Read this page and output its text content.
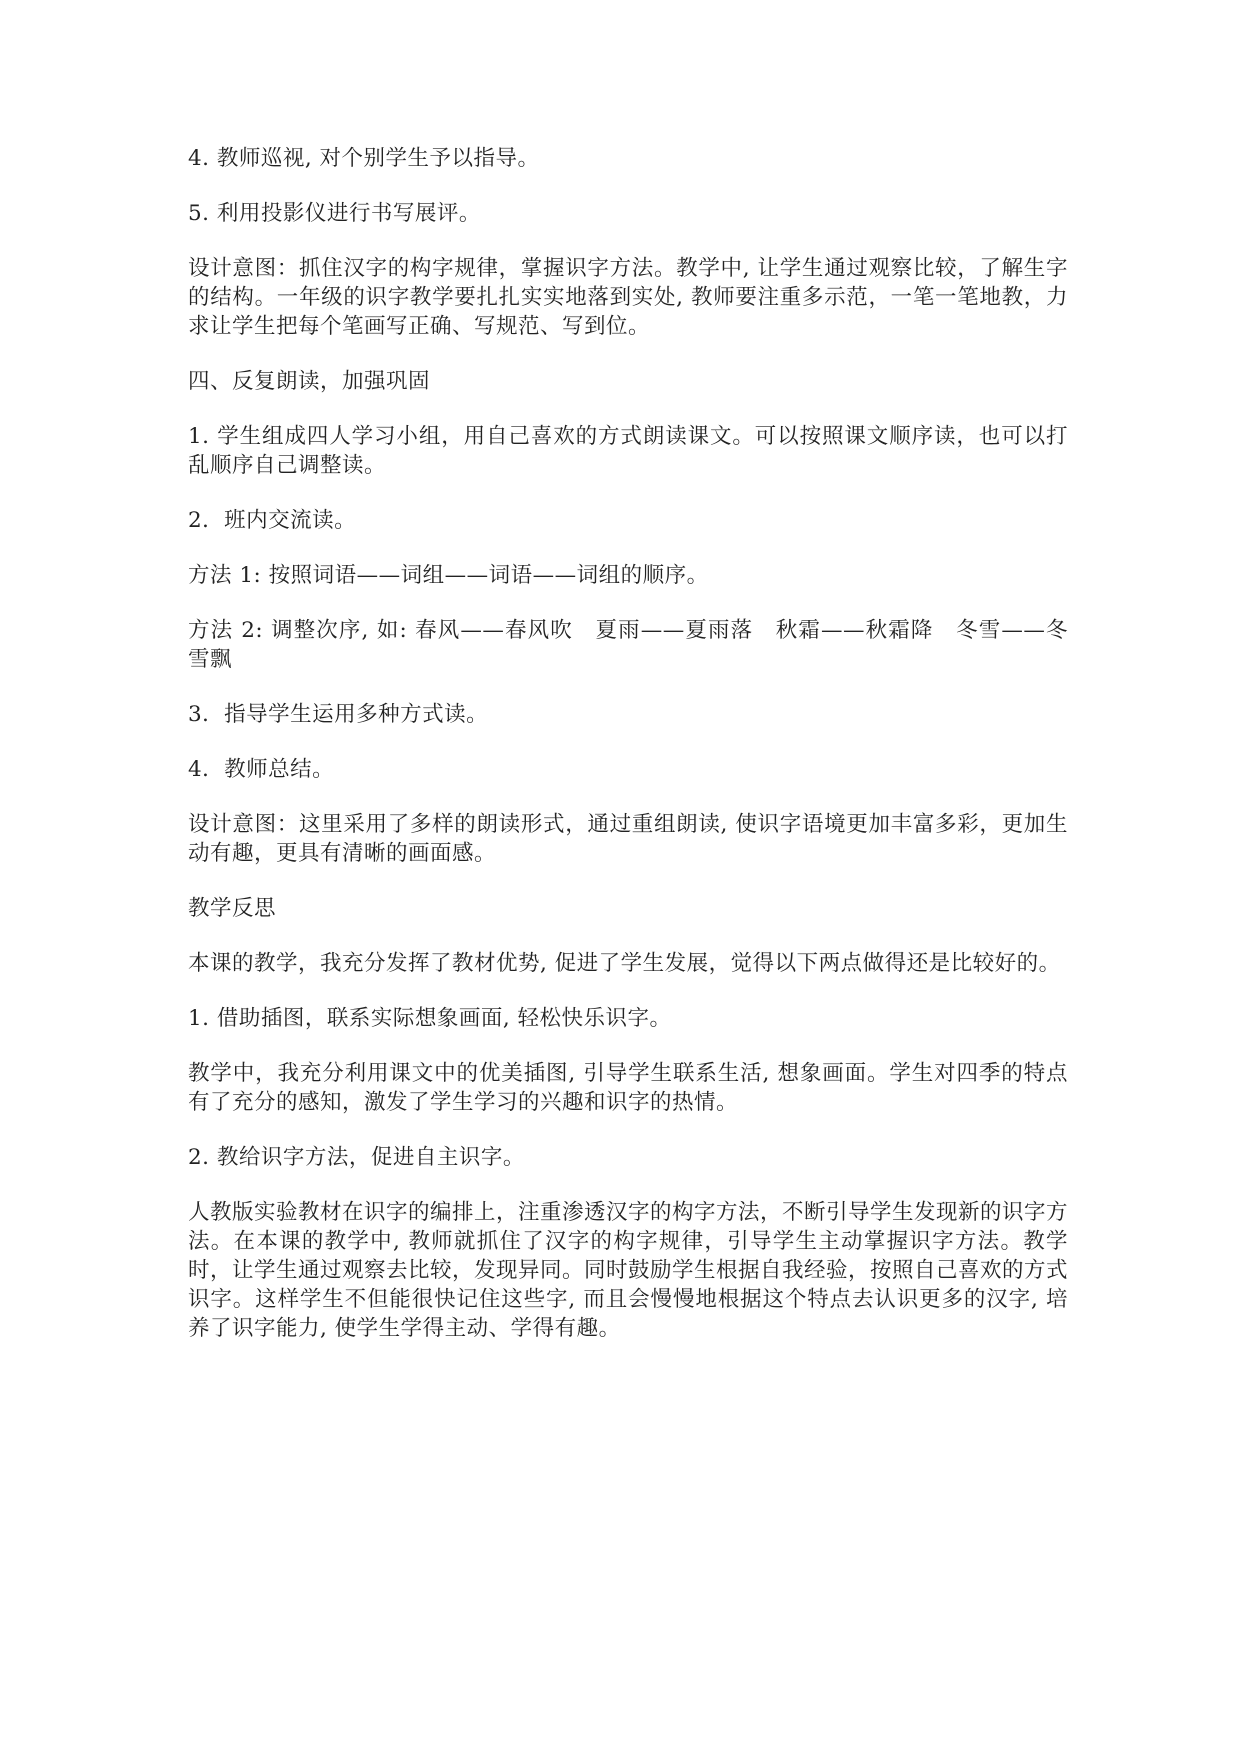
4. 教师巡视, 对个别学生予以指导。

5. 利用投影仪进行书写展评。

设计意图：抓住汉字的构字规律，掌握识字方法。教学中, 让学生通过观察比较，了解生字的结构。一年级的识字教学要扎扎实实地落到实处, 教师要注重多示范，一笔一笔地教，力求让学生把每个笔画写正确、写规范、写到位。

四、反复朗读，加强巩固

1. 学生组成四人学习小组，用自己喜欢的方式朗读课文。可以按照课文顺序读，也可以打乱顺序自己调整读。

2．班内交流读。

方法 1: 按照词语——词组——词语——词组的顺序。

方法 2: 调整次序, 如: 春风——春风吹　夏雨——夏雨落　秋霜——秋霜降　冬雪——冬雪飘

3．指导学生运用多种方式读。

4．教师总结。

设计意图：这里采用了多样的朗读形式，通过重组朗读, 使识字语境更加丰富多彩，更加生动有趣，更具有清晰的画面感。

教学反思

本课的教学，我充分发挥了教材优势, 促进了学生发展，觉得以下两点做得还是比较好的。

1. 借助插图，联系实际想象画面, 轻松快乐识字。

教学中，我充分利用课文中的优美插图, 引导学生联系生活, 想象画面。学生对四季的特点有了充分的感知，激发了学生学习的兴趣和识字的热情。

2. 教给识字方法，促进自主识字。

人教版实验教材在识字的编排上，注重渗透汉字的构字方法，不断引导学生发现新的识字方法。在本课的教学中, 教师就抓住了汉字的构字规律，引导学生主动掌握识字方法。教学时，让学生通过观察去比较，发现异同。同时鼓励学生根据自我经验，按照自己喜欢的方式识字。这样学生不但能很快记住这些字, 而且会慢慢地根据这个特点去认识更多的汉字, 培养了识字能力, 使学生学得主动、学得有趣。
